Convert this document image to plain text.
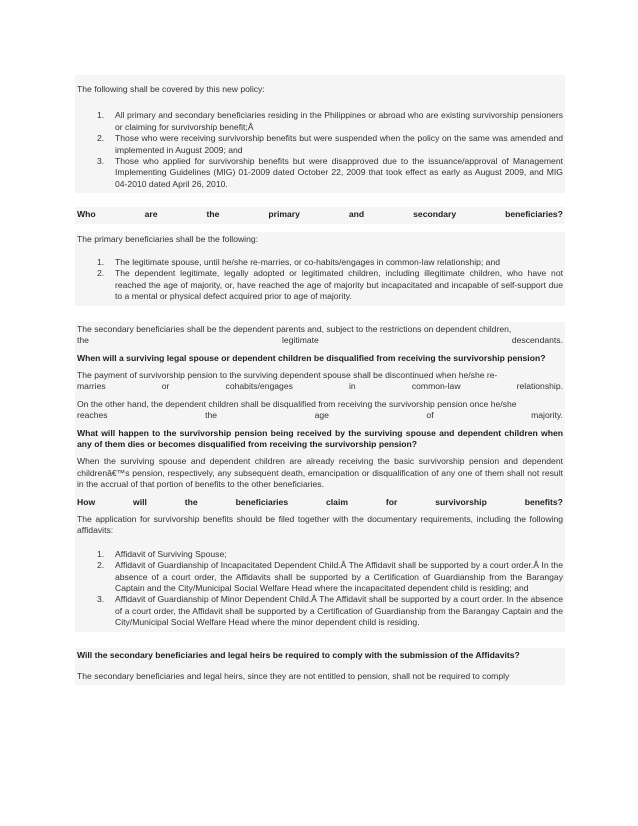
The following shall be covered by this new policy:

1. All primary and secondary beneficiaries residing in the Philippines or abroad who are existing survivorship pensioners or claiming for survivorship benefit;Â
2. Those who were receiving survivorship benefits but were suspended when the policy on the same was amended and implemented in August 2009; and
3. Those who applied for survivorship benefits but were disapproved due to the issuance/approval of Management Implementing Guidelines (MIG) 01-2009 dated October 22, 2009 that took effect as early as August 2009, and MIG 04-2010 dated April 26, 2010.
Who	are	the	primary	and	secondary	beneficiaries?

The primary beneficiaries shall be the following:

1. The legitimate spouse, until he/she re-marries, or co-habits/engages in common-law relationship; and
2. The dependent legitimate, legally adopted or legitimated children, including illegitimate children, who have not reached the age of majority, or, have reached the age of majority but incapacitated and incapable of self-support due to a mental or physical defect acquired prior to age of majority.

The secondary beneficiaries shall be the dependent parents and, subject to the restrictions on dependent children,

the	legitimate	descendants.

When will a surviving legal spouse or dependent children be disqualified from receiving the survivorship pension?

The payment of survivorship pension to the surviving dependent spouse shall be discontinued when he/she re-

marries	or	cohabits/engages	in	common-law	relationship.

On the other hand, the dependent children shall be disqualified from receiving the survivorship pension once he/she

reaches	the	age	of	majority.

What will happen to the survivorship pension being received by the surviving spouse and dependent children when any of them dies or becomes disqualified from receiving the survivorship pension?

When the surviving spouse and dependent children are already receiving the basic survivorship pension and dependent childrenâ€™s pension, respectively, any subsequent death, emancipation or disqualification of any one of them shall not result in the accrual of that portion of benefits to the other beneficiaries.

How	will	the	beneficiaries	claim	for	survivorship	benefits?

The application for survivorship benefits should be filed together with the documentary requirements, including the following affidavits:

1. Affidavit of Surviving Spouse;
2. Affidavit of Guardianship of Incapacitated Dependent Child.Â The Affidavit shall be supported by a court order.Â In the absence of a court order, the Affidavits shall be supported by a Certification of Guardianship from the Barangay Captain and the City/Municipal Social Welfare Head where the incapacitated dependent child is residing; and
3. Affidavit of Guardianship of Minor Dependent Child.Â The Affidavit shall be supported by a court order. In the absence of a court order, the Affidavit shall be supported by a Certification of Guardianship from the Barangay Captain and the City/Municipal Social Welfare Head where the minor dependent child is residing.

Will the secondary beneficiaries and legal heirs be required to comply with the submission of the Affidavits?

The secondary beneficiaries and legal heirs, since they are not entitled to pension, shall not be required to comply
